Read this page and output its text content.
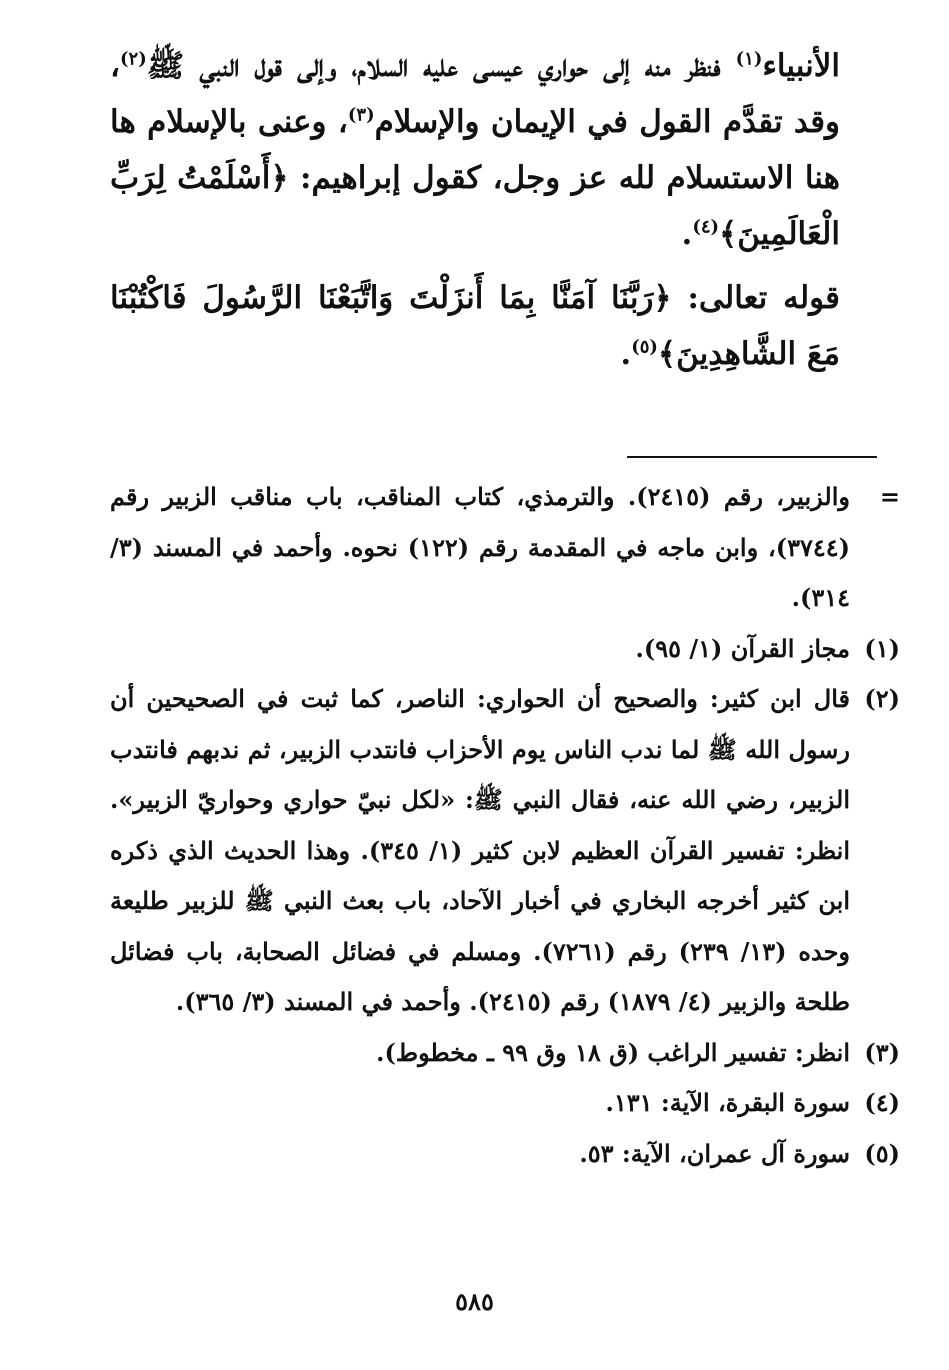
الأنبياء$^{(١)}$ فنظر منه إلى حواري عيسى عليه السلام، وإلى قول النبي ﷺ$^{(٢)}$، وقد تقدَّم القول في الإيمان والإسلام$^{(٣)}$، وعنى بالإسلام ها هنا الاستسلام لله عز وجل، كقول إبراهيم: ﴿أَسْلَمْتُ لِرَبِّ الْعَالَمِينَ﴾$^{(٤)}$.

قوله تعالى: ﴿رَبَّنَا آمَنَّا بِمَا أَنزَلْتَ وَاتَّبَعْنَا الرَّسُولَ فَاكْتُبْنَا مَعَ الشَّاهِدِينَ﴾$^{(٥)}$.

=
والزبير، رقم (٢٤١٥). والترمذي، كتاب المناقب، باب مناقب الزبير رقم (٣٧٤٤)، وابن ماجه في المقدمة رقم (١٢٢) نحوه. وأحمد في المسند (٣/ ٣١٤).
(١)
مجاز القرآن (١/ ٩٥).
(٢)
قال ابن كثير: والصحيح أن الحواري: الناصر، كما ثبت في الصحيحين أن رسول الله ﷺ لما ندب الناس يوم الأحزاب فانتدب الزبير، ثم ندبهم فانتدب الزبير، رضي الله عنه، فقال النبي ﷺ: «لكل نبيّ حواري وحواريّ الزبير». انظر: تفسير القرآن العظيم لابن كثير (١/ ٣٤٥). وهذا الحديث الذي ذكره ابن كثير أخرجه البخاري في أخبار الآحاد، باب بعث النبي ﷺ للزبير طليعة وحده (١٣/ ٢٣٩) رقم (٧٢٦١). ومسلم في فضائل الصحابة، باب فضائل طلحة والزبير (٤/ ١٨٧٩) رقم (٢٤١٥). وأحمد في المسند (٣/ ٣٦٥).
(٣)
انظر: تفسير الراغب (ق ١٨ وق ٩٩ ـ مخطوط).
(٤)
سورة البقرة، الآية: ١٣١.
(٥)
سورة آل عمران، الآية: ٥٣.
٥٨٥
